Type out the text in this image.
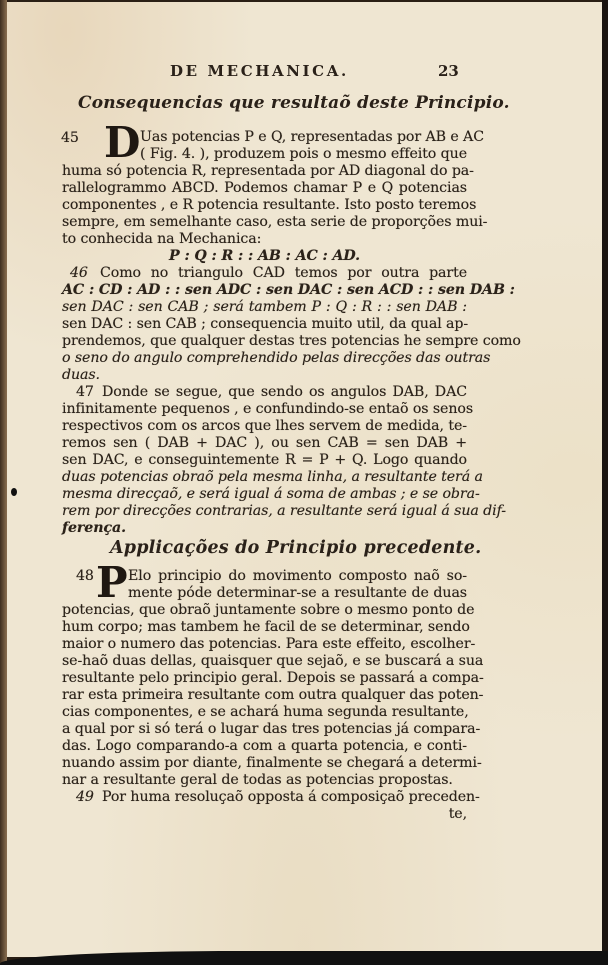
DE MECHANICA.	23
Consequencias que resultaõ deste Principio.
45 D Uas potencias P e Q, representadas por AB e AC
( Fig. 4. ), produzem pois o mesmo effeito que
huma só potencia R, representada por AD diagonal do pa-
rallelogrammo ABCD. Podemos chamar P e Q potencias
componentes , e R potencia resultante. Isto posto teremos
sempre, em semelhante caso, esta serie de proporções mui-
to conhecida na Mechanica:
P : Q : R : : AB : AC : AD.
46 Como no triangulo CAD temos por outra parte
AC : CD : AD : : sen ADC : sen DAC : sen ACD : : sen DAB :
sen DAC : sen CAB ; será tambem P : Q : R : : sen DAB :
sen DAC : sen CAB ; consequencia muito util, da qual ap-
prendemos, que qualquer destas tres potencias he sempre como
o seno do angulo comprehendido pelas direcções das outras
duas.
47 Donde se segue, que sendo os angulos DAB, DAC
infinitamente pequenos , e confundindo-se entaõ os senos
respectivos com os arcos que lhes servem de medida, te-
remos sen ( DAB + DAC ), ou sen CAB = sen DAB +
sen DAC, e conseguintemente R = P + Q. Logo quando
duas potencias obraõ pela mesma linha, a resultante terá a
mesma direcçaõ, e será igual á soma de ambas ; e se obra-
rem por direcções contrarias, a resultante será igual á sua dif-
ferença.
Applicações do Principio precedente.
48 P Elo principio do movimento composto naõ so-
mente póde determinar-se a resultante de duas
potencias, que obraõ juntamente sobre o mesmo ponto de
hum corpo; mas tambem he facil de se determinar, sendo
maior o numero das potencias. Para este effeito, escolher-
se-haõ duas dellas, quaisquer que sejaõ, e se buscará a sua
resultante pelo principio geral. Depois se passará a compa-
rar esta primeira resultante com outra qualquer das poten-
cias componentes, e se achará huma segunda resultante,
a qual por si só terá o lugar das tres potencias já compara-
das. Logo comparando-a com a quarta potencia, e conti-
nuando assim por diante, finalmente se chegará a determi-
nar a resultante geral de todas as potencias propostas.
49 Por huma resoluçaõ opposta á composiçaõ preceden-
te,
